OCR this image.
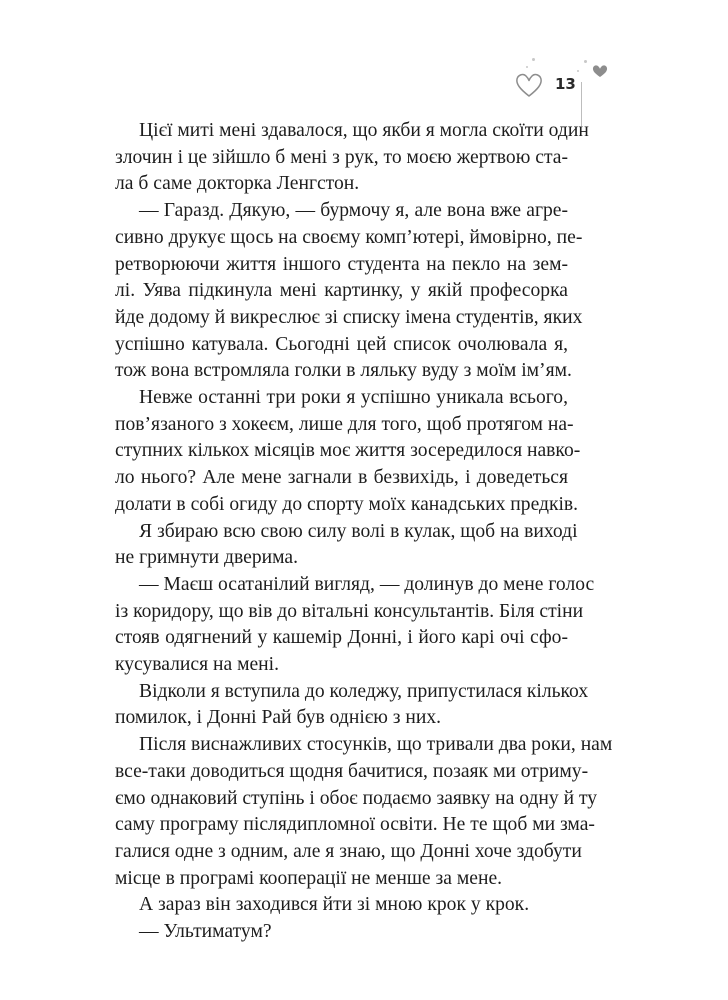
13

Цієї миті мені здавалося, що якби я могла скоїти один
злочин і це зійшло б мені з рук, то моєю жертвою ста-
ла б саме докторка Ленгстон.

— Гаразд. Дякую, — бурмочу я, але вона вже агре-
сивно друкує щось на своєму комп’ютері, ймовірно, пе-
ретворюючи життя іншого студента на пекло на зем-
лі. Уява підкинула мені картинку, у якій професорка
йде додому й викреслює зі списку імена студентів, яких
успішно катувала. Сьогодні цей список очолювала я,
тож вона встромляла голки в ляльку вуду з моїм ім’ям.

Невже останні три роки я успішно уникала всього,
пов’язаного з хокеєм, лише для того, щоб протягом на-
ступних кількох місяців моє життя зосередилося навко-
ло нього? Але мене загнали в безвихідь, і доведеться
долати в собі огиду до спорту моїх канадських предків.

Я збираю всю свою силу волі в кулак, щоб на виході
не гримнути дверима.

— Маєш осатанілий вигляд, — долинув до мене голос
із коридору, що вів до вітальні консультантів. Біля стіни
стояв одягнений у кашемір Донні, і його карі очі сфо-
кусувалися на мені.

Відколи я вступила до коледжу, припустилася кількох
помилок, і Донні Рай був однією з них.

Після виснажливих стосунків, що тривали два роки, нам
все-таки доводиться щодня бачитися, позаяк ми отриму-
ємо однаковий ступінь і обоє подаємо заявку на одну й ту
саму програму післядипломної освіти. Не те щоб ми зма-
галися одне з одним, але я знаю, що Донні хоче здобути
місце в програмі кооперації не менше за мене.

А зараз він заходився йти зі мною крок у крок.

— Ультиматум?
